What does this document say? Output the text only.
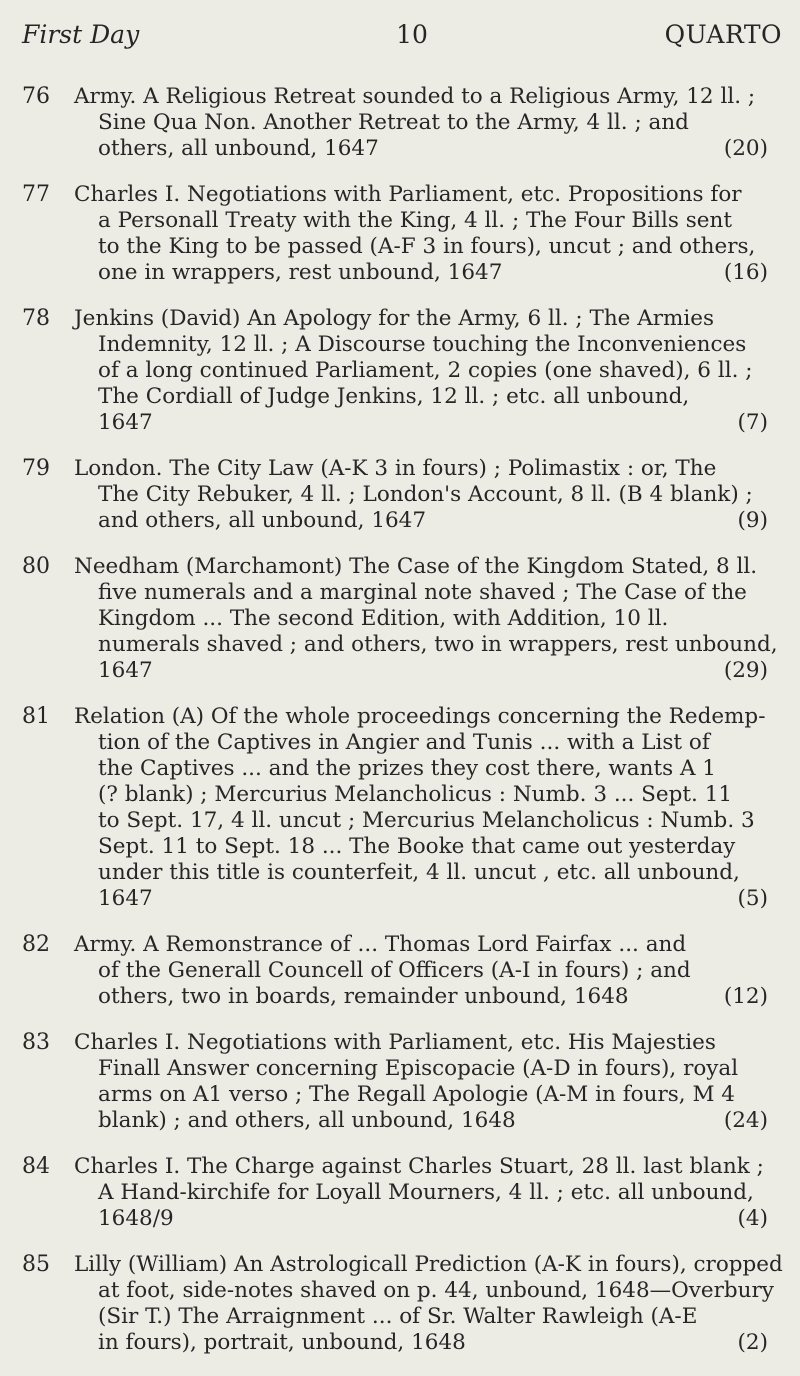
First Day	10	QUARTO
76	Army. A Religious Retreat sounded to a Religious Army, 12 ll. ;
Sine Qua Non. Another Retreat to the Army, 4 ll. ; and
others, all unbound, 1647	(20)
77	Charles I. Negotiations with Parliament, etc. Propositions for
a Personall Treaty with the King, 4 ll. ; The Four Bills sent
to the King to be passed (A-F 3 in fours), uncut ; and others,
one in wrappers, rest unbound, 1647	(16)
78	Jenkins (David) An Apology for the Army, 6 ll. ; The Armies
Indemnity, 12 ll. ; A Discourse touching the Inconveniences
of a long continued Parliament, 2 copies (one shaved), 6 ll. ;
The Cordiall of Judge Jenkins, 12 ll. ; etc. all unbound,
1647	(7)
79	London. The City Law (A-K 3 in fours) ; Polimastix : or, The
The City Rebuker, 4 ll. ; London's Account, 8 ll. (B 4 blank) ;
and others, all unbound, 1647	(9)
80	Needham (Marchamont) The Case of the Kingdom Stated, 8 ll.
five numerals and a marginal note shaved ; The Case of the
Kingdom ... The second Edition, with Addition, 10 ll.
numerals shaved ; and others, two in wrappers, rest unbound,
1647	(29)
81	Relation (A) Of the whole proceedings concerning the Redemp-
tion of the Captives in Angier and Tunis ... with a List of
the Captives ... and the prizes they cost there, wants A 1
(? blank) ; Mercurius Melancholicus : Numb. 3 ... Sept. 11
to Sept. 17, 4 ll. uncut ; Mercurius Melancholicus : Numb. 3
Sept. 11 to Sept. 18 ... The Booke that came out yesterday
under this title is counterfeit, 4 ll. uncut , etc. all unbound,
1647	(5)
82	Army. A Remonstrance of ... Thomas Lord Fairfax ... and
of the Generall Councell of Officers (A-I in fours) ; and
others, two in boards, remainder unbound, 1648	(12)
83	Charles I. Negotiations with Parliament, etc. His Majesties
Finall Answer concerning Episcopacie (A-D in fours), royal
arms on A1 verso ; The Regall Apologie (A-M in fours, M 4
blank) ; and others, all unbound, 1648	(24)
84	Charles I. The Charge against Charles Stuart, 28 ll. last blank ;
A Hand-kirchife for Loyall Mourners, 4 ll. ; etc. all unbound,
1648/9	(4)
85	Lilly (William) An Astrologicall Prediction (A-K in fours), cropped
at foot, side-notes shaved on p. 44, unbound, 1648—Overbury
(Sir T.) The Arraignment ... of Sr. Walter Rawleigh (A-E
in fours), portrait, unbound, 1648	(2)
